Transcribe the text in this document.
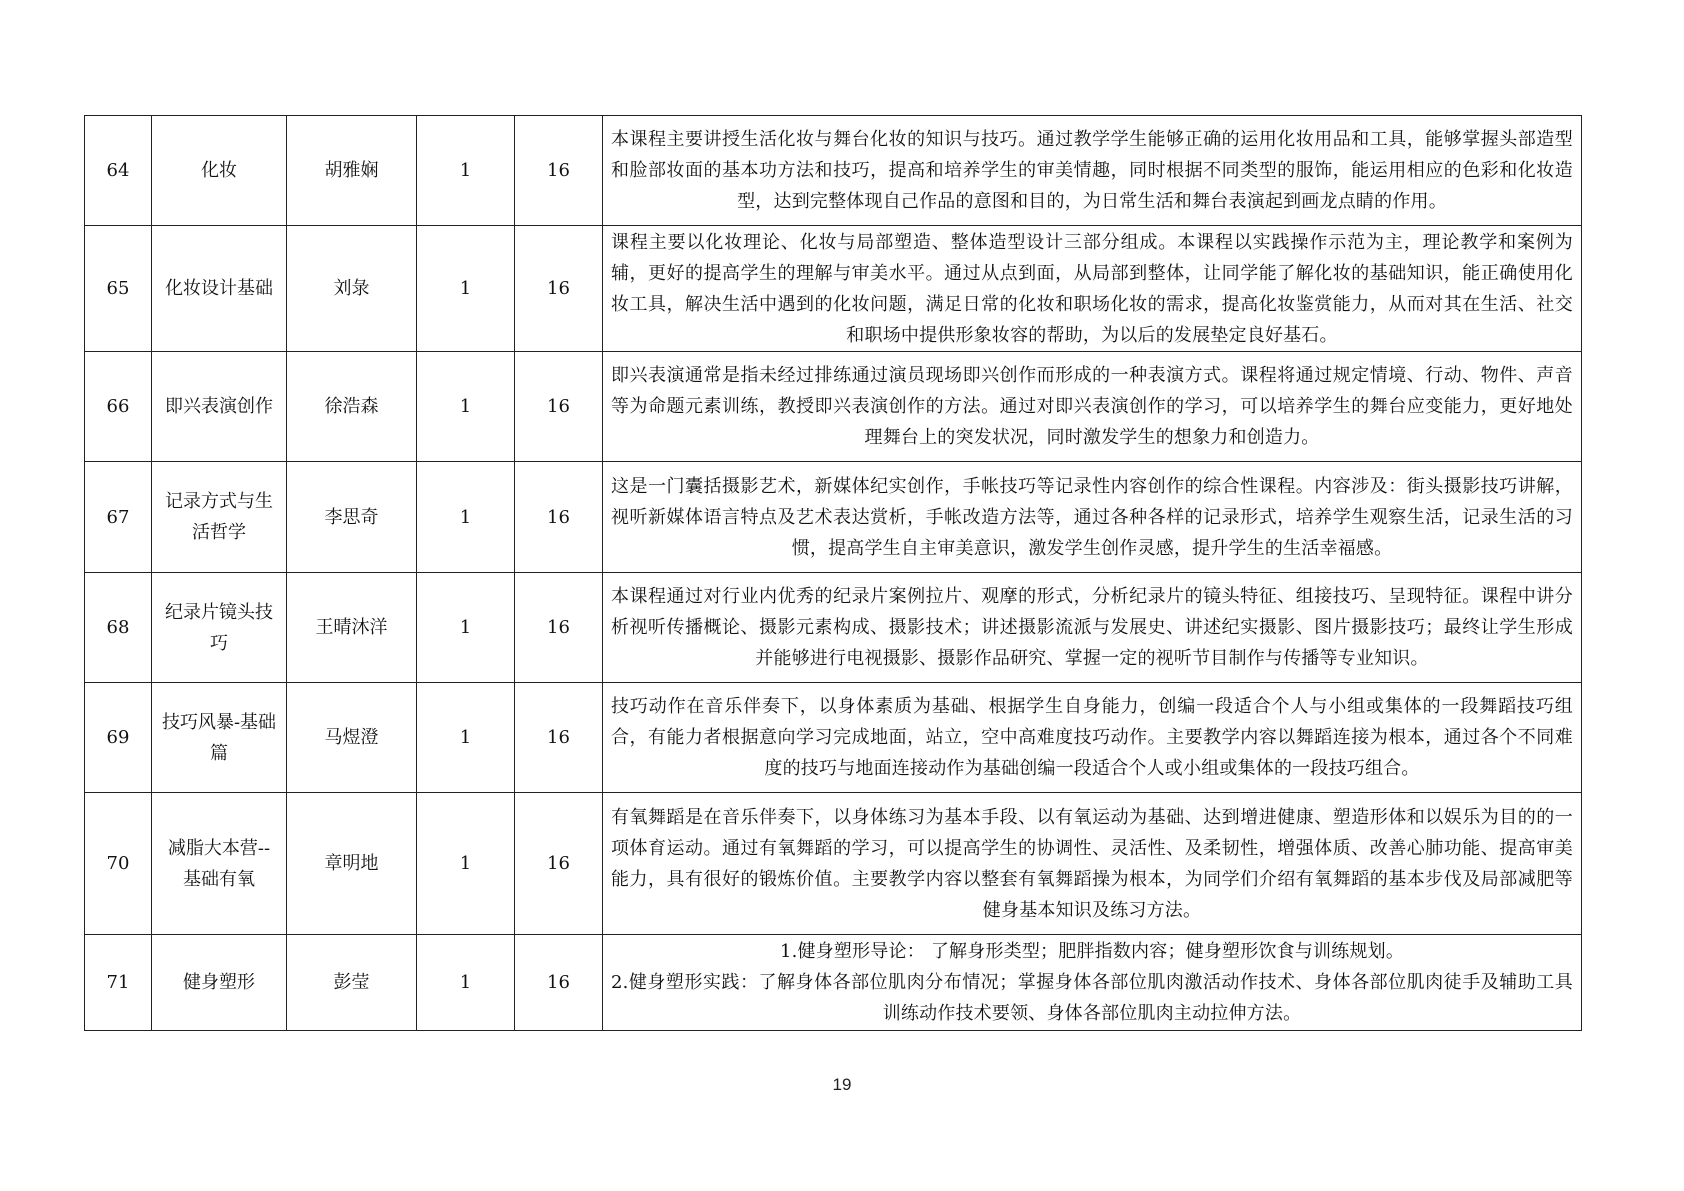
64	化妆	胡雅娴	1	16	本课程主要讲授生活化妆与舞台化妆的知识与技巧。通过教学学生能够正确的运用化妆用品和工具，能够掌握头部造型和脸部妆面的基本功方法和技巧，提高和培养学生的审美情趣，同时根据不同类型的服饰，能运用相应的色彩和化妆造型，达到完整体现自己作品的意图和目的，为日常生活和舞台表演起到画龙点睛的作用。
65	化妆设计基础	刘彔	1	16	课程主要以化妆理论、化妆与局部塑造、整体造型设计三部分组成。本课程以实践操作示范为主，理论教学和案例为辅，更好的提高学生的理解与审美水平。通过从点到面，从局部到整体，让同学能了解化妆的基础知识，能正确使用化妆工具，解决生活中遇到的化妆问题，满足日常的化妆和职场化妆的需求，提高化妆鉴赏能力，从而对其在生活、社交和职场中提供形象妆容的帮助，为以后的发展垫定良好基石。
66	即兴表演创作	徐浩森	1	16	即兴表演通常是指未经过排练通过演员现场即兴创作而形成的一种表演方式。课程将通过规定情境、行动、物件、声音等为命题元素训练，教授即兴表演创作的方法。通过对即兴表演创作的学习，可以培养学生的舞台应变能力，更好地处理舞台上的突发状况，同时激发学生的想象力和创造力。
67	记录方式与生活哲学	李思奇	1	16	这是一门囊括摄影艺术，新媒体纪实创作，手帐技巧等记录性内容创作的综合性课程。内容涉及：街头摄影技巧讲解，视听新媒体语言特点及艺术表达赏析，手帐改造方法等，通过各种各样的记录形式，培养学生观察生活，记录生活的习惯，提高学生自主审美意识，激发学生创作灵感，提升学生的生活幸福感。
68	纪录片镜头技巧	王晴沐洋	1	16	本课程通过对行业内优秀的纪录片案例拉片、观摩的形式，分析纪录片的镜头特征、组接技巧、呈现特征。课程中讲分析视听传播概论、摄影元素构成、摄影技术；讲述摄影流派与发展史、讲述纪实摄影、图片摄影技巧；最终让学生形成并能够进行电视摄影、摄影作品研究、掌握一定的视听节目制作与传播等专业知识。
69	技巧风暴-基础篇	马煜澄	1	16	技巧动作在音乐伴奏下，以身体素质为基础、根据学生自身能力，创编一段适合个人与小组或集体的一段舞蹈技巧组合，有能力者根据意向学习完成地面，站立，空中高难度技巧动作。主要教学内容以舞蹈连接为根本，通过各个不同难度的技巧与地面连接动作为基础创编一段适合个人或小组或集体的一段技巧组合。
70	减脂大本营--基础有氧	章明地	1	16	有氧舞蹈是在音乐伴奏下，以身体练习为基本手段、以有氧运动为基础、达到增进健康、塑造形体和以娱乐为目的的一项体育运动。通过有氧舞蹈的学习，可以提高学生的协调性、灵活性、及柔韧性，增强体质、改善心肺功能、提高审美能力，具有很好的锻炼价值。主要教学内容以整套有氧舞蹈操为根本，为同学们介绍有氧舞蹈的基本步伐及局部减肥等健身基本知识及练习方法。
71	健身塑形	彭莹	1	16	1.健身塑形导论： 了解身形类型；肥胖指数内容；健身塑形饮食与训练规划。
2.健身塑形实践：了解身体各部位肌肉分布情况；掌握身体各部位肌肉激活动作技术、身体各部位肌肉徒手及辅助工具训练动作技术要领、身体各部位肌肉主动拉伸方法。
19
